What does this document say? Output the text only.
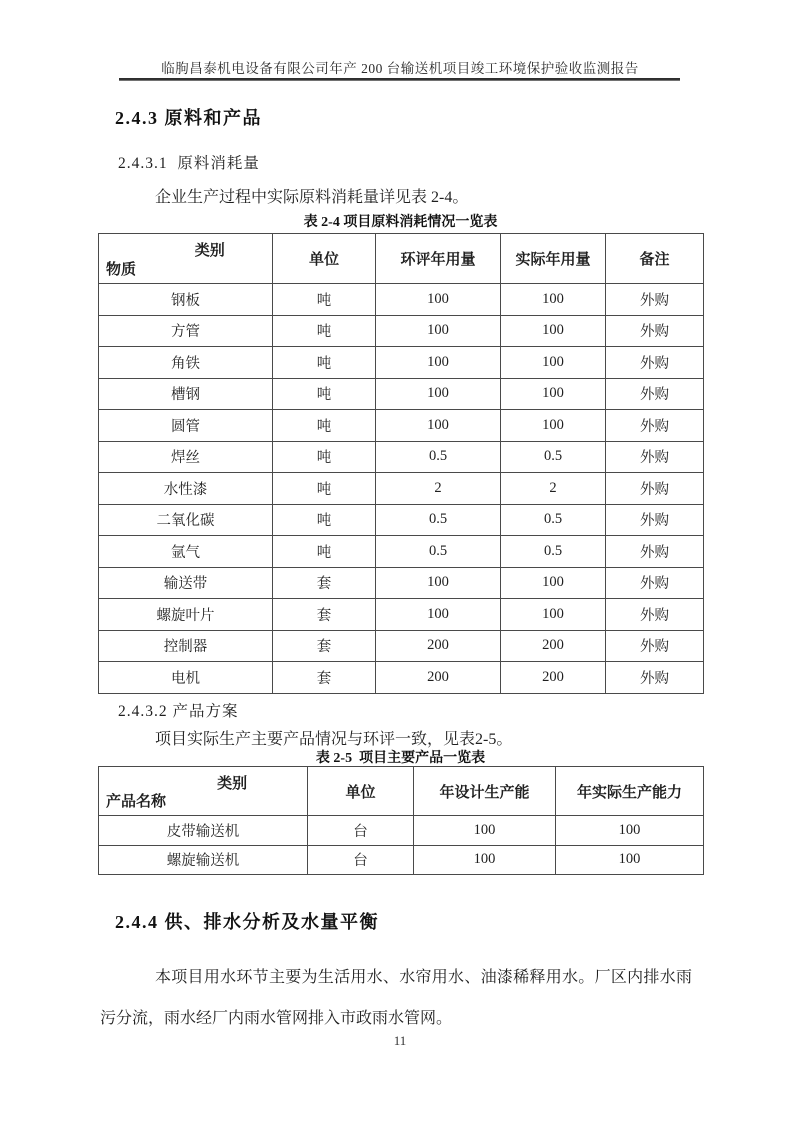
临朐昌泰机电设备有限公司年产 200 台输送机项目竣工环境保护验收监测报告
2.4.3 原料和产品
2.4.3.1  原料消耗量
企业生产过程中实际原料消耗量详见表 2-4。
表 2-4 项目原料消耗情况一览表
类别
物质	单位	环评年用量	实际年用量	备注
钢板	吨	100	100	外购
方管	吨	100	100	外购
角铁	吨	100	100	外购
槽钢	吨	100	100	外购
圆管	吨	100	100	外购
焊丝	吨	0.5	0.5	外购
水性漆	吨	2	2	外购
二氧化碳	吨	0.5	0.5	外购
氩气	吨	0.5	0.5	外购
输送带	套	100	100	外购
螺旋叶片	套	100	100	外购
控制器	套	200	200	外购
电机	套	200	200	外购
2.4.3.2 产品方案
项目实际生产主要产品情况与环评一致，见表2-5。
表 2-5  项目主要产品一览表
类别
产品名称	单位	年设计生产能	年实际生产能力
皮带输送机	台	100	100
螺旋输送机	台	100	100
2.4.4 供、排水分析及水量平衡

本项目用水环节主要为生活用水、水帘用水、油漆稀释用水。厂区内排水雨污分流，雨水经厂内雨水管网排入市政雨水管网。

11
